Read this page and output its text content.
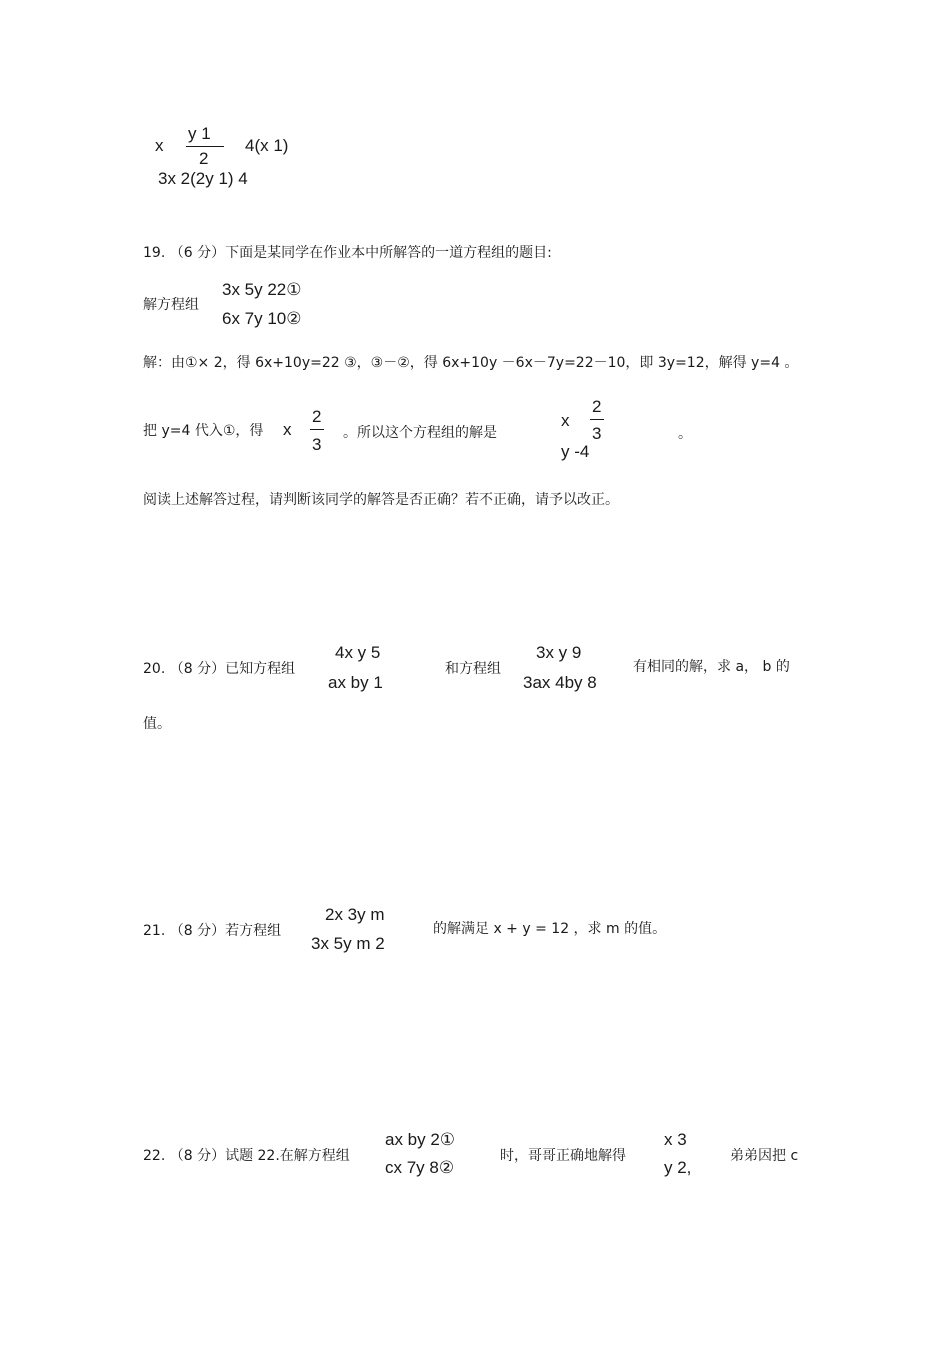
x
y 1
2
4(x 1)
3x 2(2y 1) 4
19. （6 分）下面是某同学在作业本中所解答的一道方程组的题目:
解方程组
3x 5y 22①
6x 7y 10②
解：由①× 2，得 6x+10y=22 ③，③－②，得 6x+10y －6x－7y=22－10，即 3y=12，解得 y=4 。
把 y=4 代入①，得 x
2
3
。所以这个方程组的解是
x
2
3
y -4
。
阅读上述解答过程，请判断该同学的解答是否正确？若不正确，请予以改正。
20. （8 分）已知方程组
4x y 5
ax by 1
和方程组
3x y 9
3ax 4by 8
有相同的解，求 a， b 的
值。
21. （8 分）若方程组
2x 3y m
3x 5y m 2
的解满足 x + y = 12 ，求 m 的值。
22. （8 分）试题 22.在解方程组
ax by 2①
cx 7y 8②
时，哥哥正确地解得
x 3
y 2,
弟弟因把 c
